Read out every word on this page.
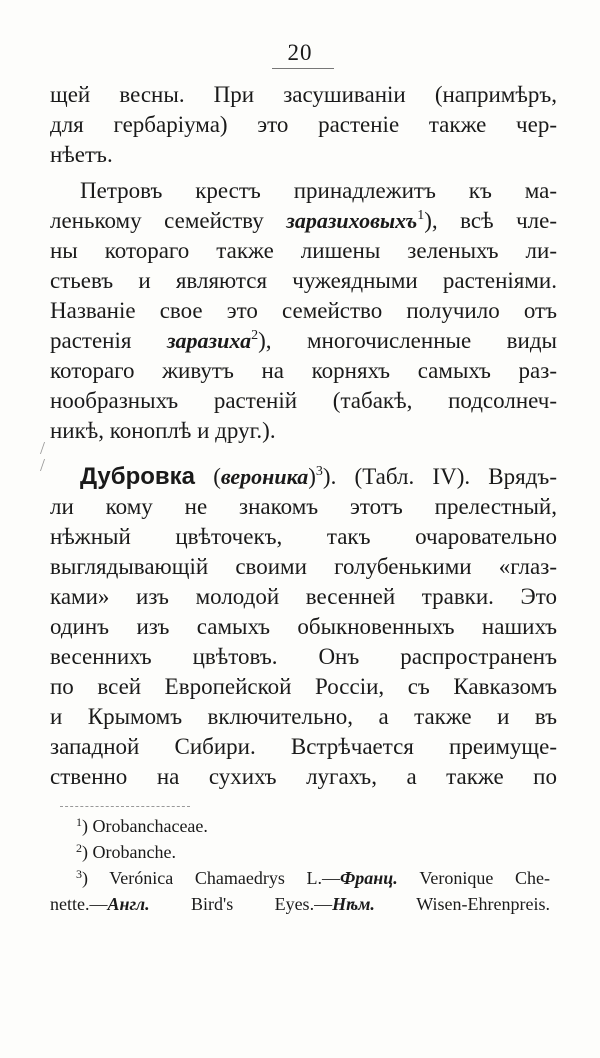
20
щей весны. При засушиваніи (напримѣръ,
для гербаріума) это растеніе также чер-
нѣетъ.
Петровъ крестъ принадлежитъ къ ма-
ленькому семейству заразиховыхъ$^1$), всѣ чле-
ны котораго также лишены зеленыхъ ли-
стьевъ и являются чужеядными растеніями.
Названіе свое это семейство получило отъ
растенія заразиха$^2$), многочисленные виды
котораго живутъ на корняхъ самыхъ раз-
нообразныхъ растеній (табакѣ, подсолнеч-
никѣ, коноплѣ и друг.).
/
/	Дубровка (вероника)$^3$). (Табл. IV). Врядъ-
ли кому не знакомъ этотъ прелестный,
нѣжный цвѣточекъ, такъ очаровательно
выглядывающій своими голубенькими «глаз-
ками» изъ молодой весенней травки. Это
одинъ изъ самыхъ обыкновенныхъ нашихъ
весеннихъ цвѣтовъ. Онъ распространенъ
по всей Европейской Россіи, съ Кавказомъ
и Крымомъ включительно, а также и въ
западной Сибири. Встрѣчается преимуще-
ственно на сухихъ лугахъ, а также по
$^1$) Orobanchaceae.
$^2$) Orobanche.
$^3$) Verónica Chamaedrys L.—Франц. Veronique Che-
nette.—Англ. Bird's Eyes.—Нѣм. Wisen-Ehrenpreis.
